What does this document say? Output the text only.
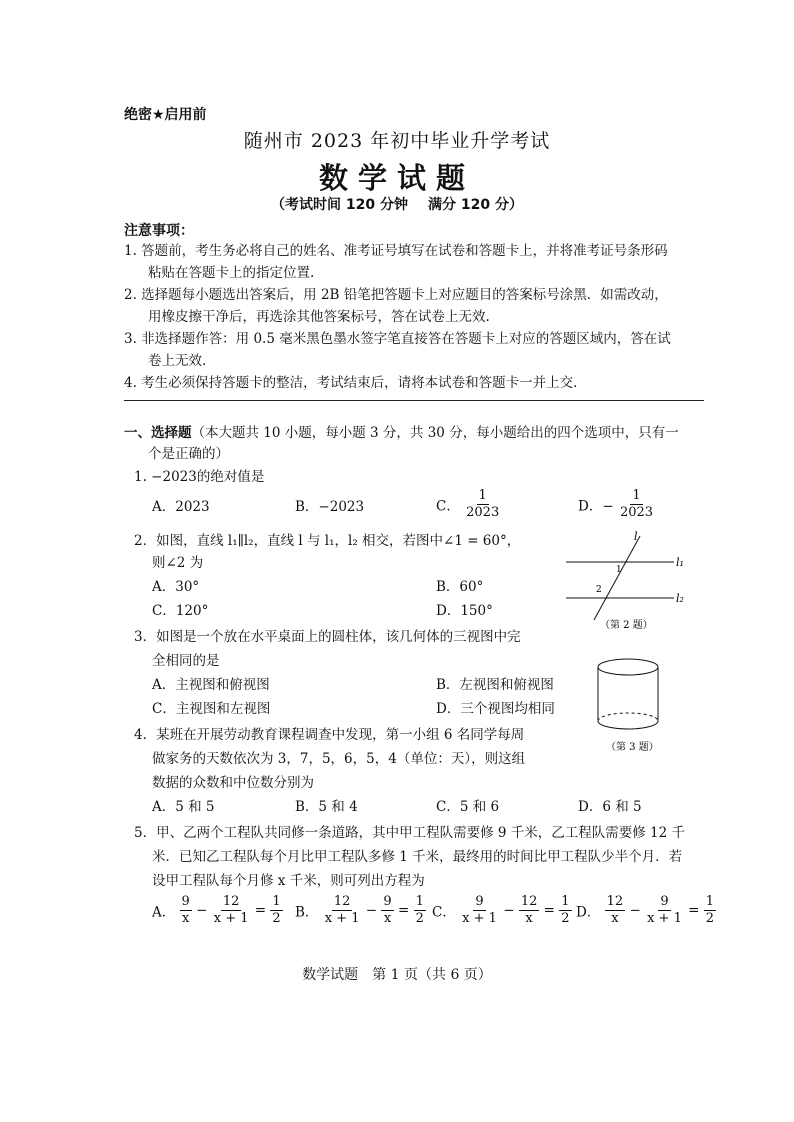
绝密★启用前
随州市 2023 年初中毕业升学考试
数学试题
（考试时间 120 分钟 满分 120 分）
注意事项：
1. 答题前，考生务必将自己的姓名、准考证号填写在试卷和答题卡上，并将准考证号条形码
粘贴在答题卡上的指定位置.
2. 选择题每小题选出答案后，用 2B 铅笔把答题卡上对应题目的答案标号涂黑．如需改动，
用橡皮擦干净后，再选涂其他答案标号，答在试卷上无效.
3. 非选择题作答：用 0.5 毫米黑色墨水签字笔直接答在答题卡上对应的答题区域内，答在试
卷上无效.
4. 考生必须保持答题卡的整洁，考试结束后，请将本试卷和答题卡一并上交.
一、选择题（本大题共 10 小题，每小题 3 分，共 30 分，每小题给出的四个选项中，只有一
个是正确的）
1. −2023的绝对值是
A．2023	B．−2023	C． $\frac{1}{2023}$	D．− $\frac{1}{2023}$
2．如图，直线 l₁∥l₂，直线 l 与 l₁，l₂ 相交，若图中∠1 = 60°，
则∠2 为
A．30°	B．60°
C．120°	D．150°
l
l₁
l₂
1
2
（第 2 题）
3．如图是一个放在水平桌面上的圆柱体，该几何体的三视图中完
全相同的是
A．主视图和俯视图	B．左视图和俯视图
C．主视图和左视图	D．三个视图均相同
（第 3 题）
4．某班在开展劳动教育课程调查中发现，第一小组 6 名同学每周
做家务的天数依次为 3，7，5，6，5，4（单位：天），则这组
数据的众数和中位数分别为
A．5 和 5	B．5 和 4	C．5 和 6	D．6 和 5
5．甲、乙两个工程队共同修一条道路，其中甲工程队需要修 9 千米，乙工程队需要修 12 千
米．已知乙工程队每个月比甲工程队多修 1 千米，最终用的时间比甲工程队少半个月．若
设甲工程队每个月修 x 千米，则可列出方程为
A． $\frac{9}{x} - \frac{12}{x + 1} = \frac{1}{2}$ B． $\frac{12}{x + 1} - \frac{9}{x} = \frac{1}{2}$ C． $\frac{9}{x + 1} - \frac{12}{x} = \frac{1}{2}$ D． $\frac{12}{x} - \frac{9}{x + 1} = \frac{1}{2}$
数学试题　第 1 页（共 6 页）
